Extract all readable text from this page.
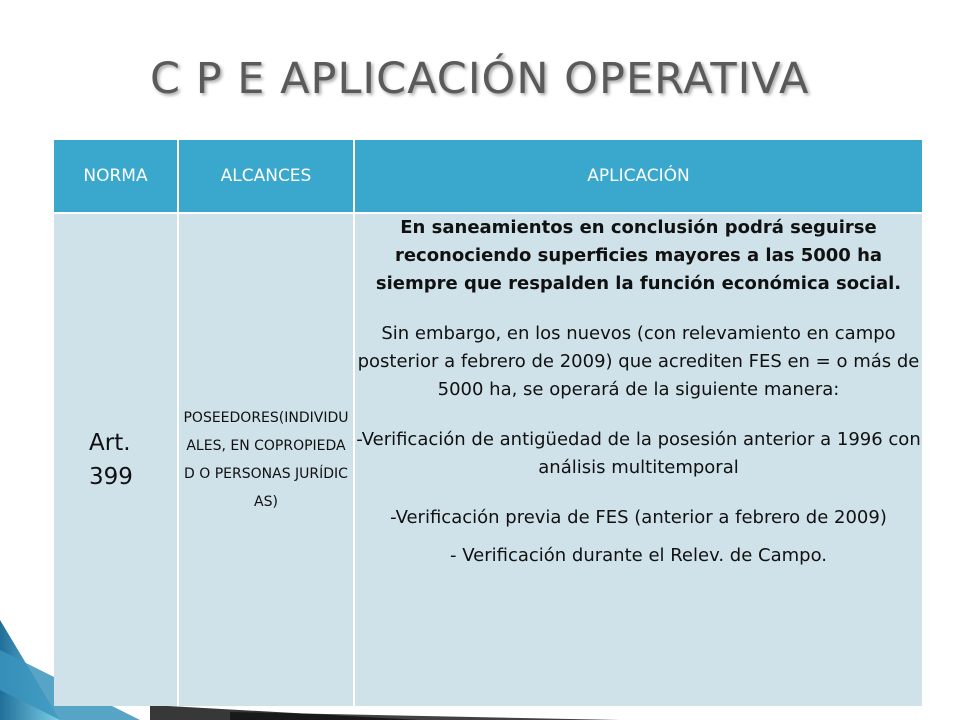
C P E APLICACIÓN OPERATIVA
NORMA	ALCANCES	APLICACIÓN

Art. 399	POSEEDORES(INDIVIDUALES, EN COPROPIEDAD O PERSONAS JURÍDICAS)	En saneamientos en conclusión podrá seguirse reconociendo superficies mayores a las 5000 ha siempre que respalden la función económica social.

Sin embargo, en los nuevos (con relevamiento en campo posterior a febrero de 2009) que acrediten FES en = o más de 5000 ha, se operará de la siguiente manera:

-Verificación de antigüedad de la posesión anterior a 1996 con análisis multitemporal

-Verificación previa de FES (anterior a febrero de 2009)

- Verificación durante el Relev. de Campo.
